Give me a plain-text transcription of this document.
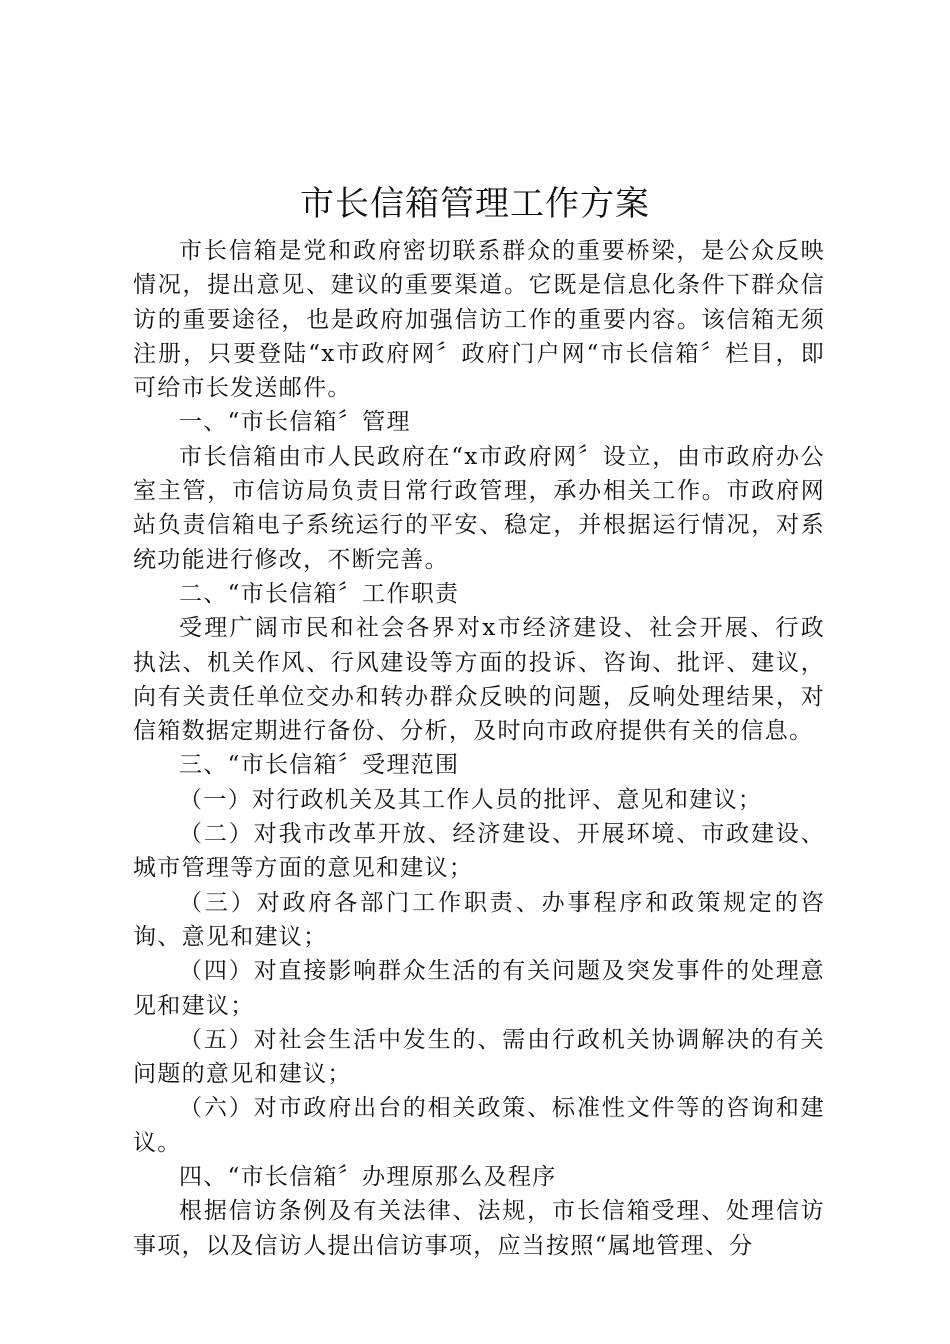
市长信箱管理工作方案

市长信箱是党和政府密切联系群众的重要桥梁，是公众反映情况，提出意见、建议的重要渠道。它既是信息化条件下群众信访的重要途径，也是政府加强信访工作的重要内容。该信箱无须注册，只要登陆“x市政府网〞政府门户网“市长信箱〞栏目，即可给市长发送邮件。

一、“市长信箱〞管理

市长信箱由市人民政府在“x市政府网〞设立，由市政府办公室主管，市信访局负责日常行政管理，承办相关工作。市政府网站负责信箱电子系统运行的平安、稳定，并根据运行情况，对系统功能进行修改，不断完善。

二、“市长信箱〞工作职责

受理广阔市民和社会各界对x市经济建设、社会开展、行政执法、机关作风、行风建设等方面的投诉、咨询、批评、建议，向有关责任单位交办和转办群众反映的问题，反响处理结果，对信箱数据定期进行备份、分析，及时向市政府提供有关的信息。

三、“市长信箱〞受理范围

（一）对行政机关及其工作人员的批评、意见和建议；

（二）对我市改革开放、经济建设、开展环境、市政建设、城市管理等方面的意见和建议；

（三）对政府各部门工作职责、办事程序和政策规定的咨询、意见和建议；

（四）对直接影响群众生活的有关问题及突发事件的处理意见和建议；

（五）对社会生活中发生的、需由行政机关协调解决的有关问题的意见和建议；

（六）对市政府出台的相关政策、标准性文件等的咨询和建议。

四、“市长信箱〞办理原那么及程序

根据信访条例及有关法律、法规，市长信箱受理、处理信访事项，以及信访人提出信访事项，应当按照“属地管理、分
